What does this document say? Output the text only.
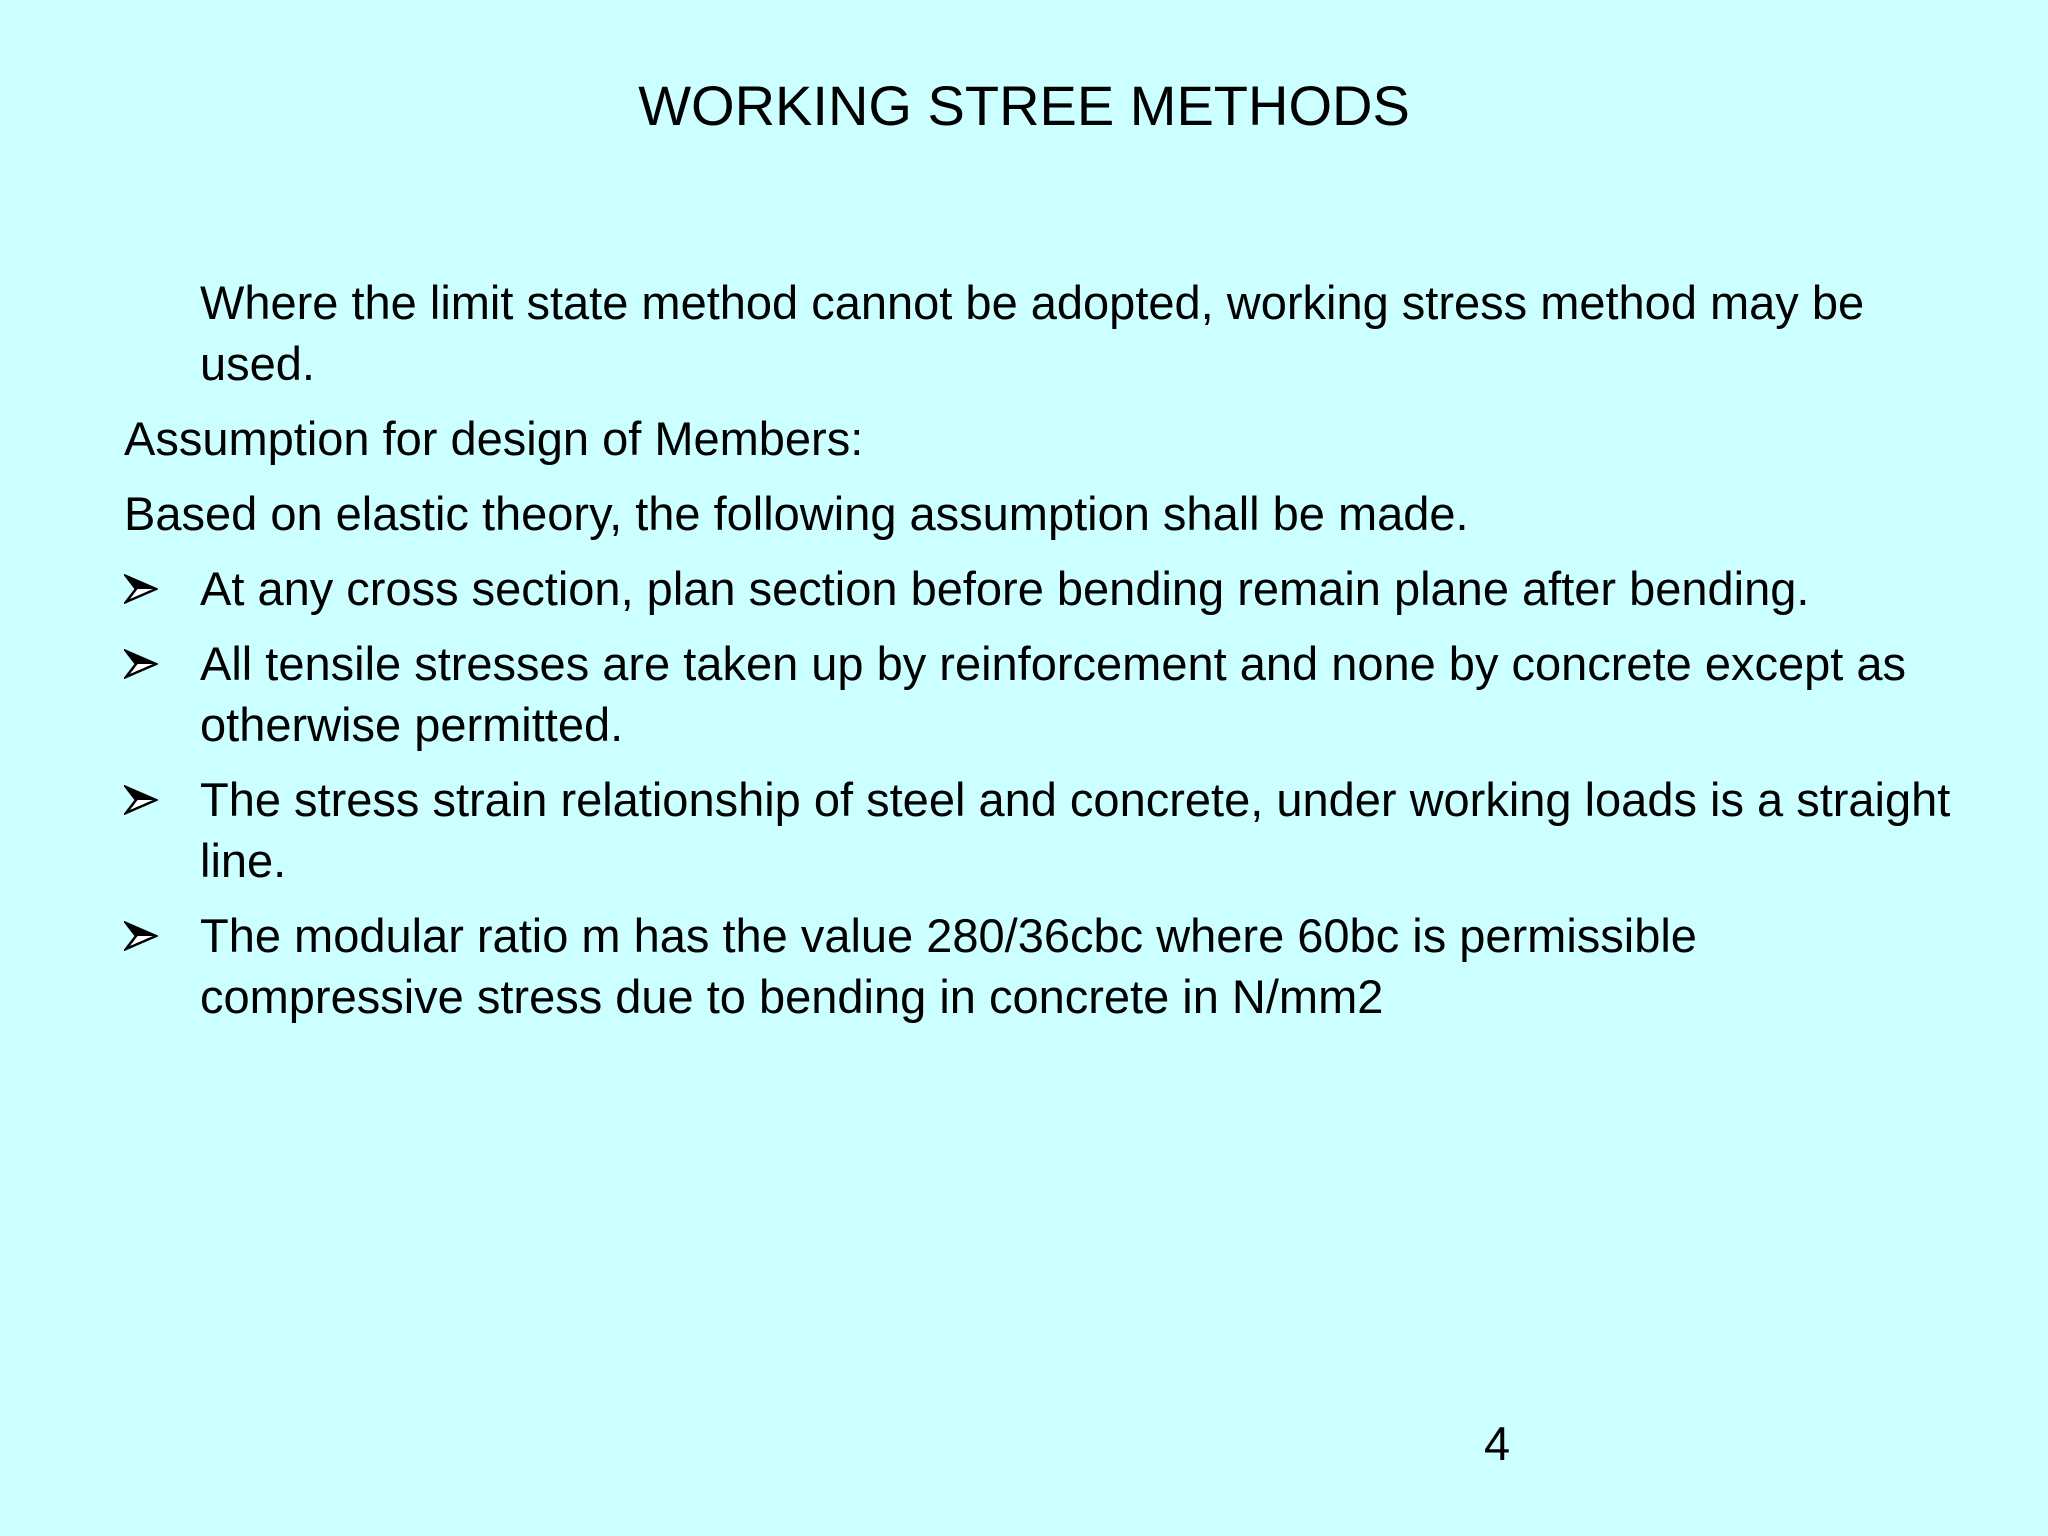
WORKING STREE METHODS

Where the limit state method cannot be adopted, working stress method may be used.

Assumption for design of Members:

Based on elastic theory, the following assumption shall be made.

At any cross section, plan section before bending remain plane after bending.
All tensile stresses are taken up by reinforcement and none by concrete except as otherwise permitted.
The stress strain relationship of steel and concrete, under working loads is a straight line.
The modular ratio m has the value 280/36cbc where 60bc is permissible compressive stress due to bending in concrete in N/mm2
4
